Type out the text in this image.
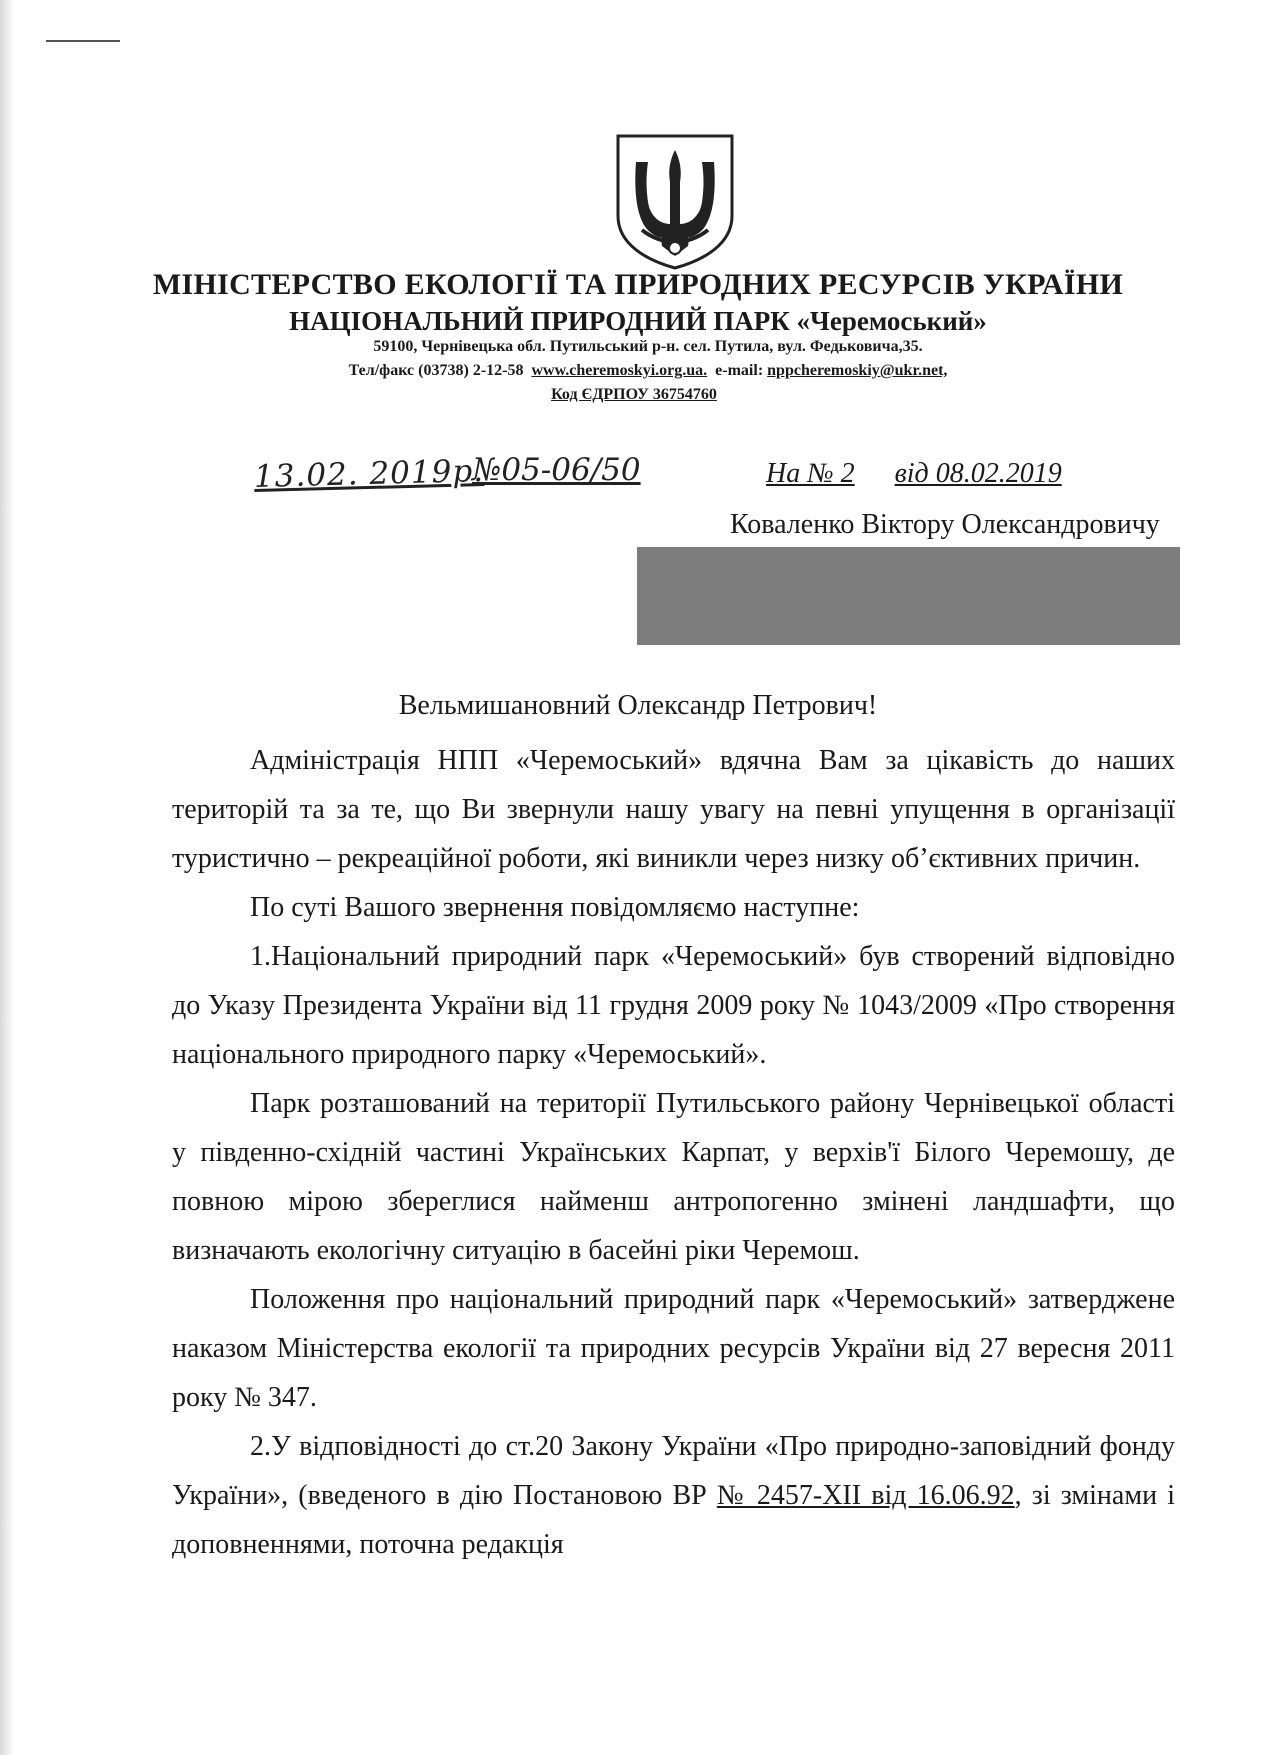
МІНІСТЕРСТВО ЕКОЛОГІЇ ТА ПРИРОДНИХ РЕСУРСІВ УКРАЇНИ
НАЦІОНАЛЬНИЙ ПРИРОДНИЙ ПАРК «Черемоський»
59100, Чернівецька обл. Путильський р-н. сел. Путила, вул. Федьковича,35.
Тел/факс (03738) 2-12-58 www.cheremoskyi.org.ua. e-mail: nppcheremoskiy@ukr.net,
Код ЄДРПОУ 36754760
13.02. 2019р.
№05-06/50	На № 2 від 08.02.2019
Коваленко Віктору Олександровичу
Вельмишановний Олександр Петрович!

Адміністрація НПП «Черемоський» вдячна Вам за цікавість до наших територій та за те, що Ви звернули нашу увагу на певні упущення в організації туристично – рекреаційної роботи, які виникли через низку об’єктивних причин.

По суті Вашого звернення повідомляємо наступне:

1.Національний природний парк «Черемоський» був створений відповідно до Указу Президента України від 11 грудня 2009 року № 1043/2009 «Про створення національного природного парку «Черемоський».

Парк розташований на території Путильського району Чернівецької області у південно-східній частині Українських Карпат, у верхів'ї Білого Черемошу, де повною мірою збереглися найменш антропогенно змінені ландшафти, що визначають екологічну ситуацію в басейні ріки Черемош.

Положення про національний природний парк «Черемоський» затверджене наказом Міністерства екології та природних ресурсів України від 27 вересня 2011 року № 347.

2.У відповідності до ст.20 Закону України «Про природно-заповідний фонду України», (введеного в дію Постановою ВР № 2457-XII від 16.06.92, зі змінами і доповненнями, поточна редакція
